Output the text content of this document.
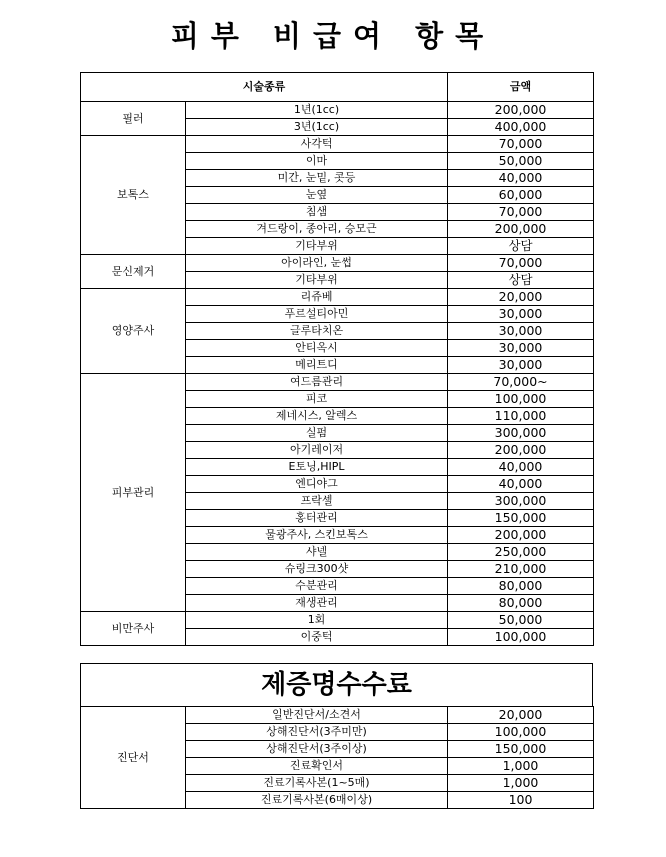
피부 비급여 항목
시술종류		금액
필러	1년(1cc)	200,000
	3년(1cc)	400,000
보톡스	사각턱	70,000
	이마	50,000
	미간, 눈밑, 콧등	40,000
	눈옆	60,000
	침샘	70,000
	겨드랑이, 종아리, 승모근	200,000
	기타부위	상담
문신제거	아이라인, 눈썹	70,000
	기타부위	상담
영양주사	리쥬베	20,000
	푸르설티아민	30,000
	글루타치온	30,000
	안티옥시	30,000
	메리트디	30,000
피부관리	여드름관리	70,000~
	피코	100,000
	제네시스, 알렉스	110,000
	실펌	300,000
	아기레이저	200,000
	E토닝,HIPL	40,000
	엔디야그	40,000
	프락셀	300,000
	홍터관리	150,000
	물광주사, 스킨보톡스	200,000
	샤넬	250,000
	슈링크300샷	210,000
	수분관리	80,000
	재생관리	80,000
비만주사	1회	50,000
	이중턱	100,000
제증명수수료
진단서	일반진단서/소견서	20,000
	상해진단서(3주미만)	100,000
	상해진단서(3주이상)	150,000
	진료확인서	1,000
	진료기록사본(1~5매)	1,000
	진료기록사본(6매이상)	100
